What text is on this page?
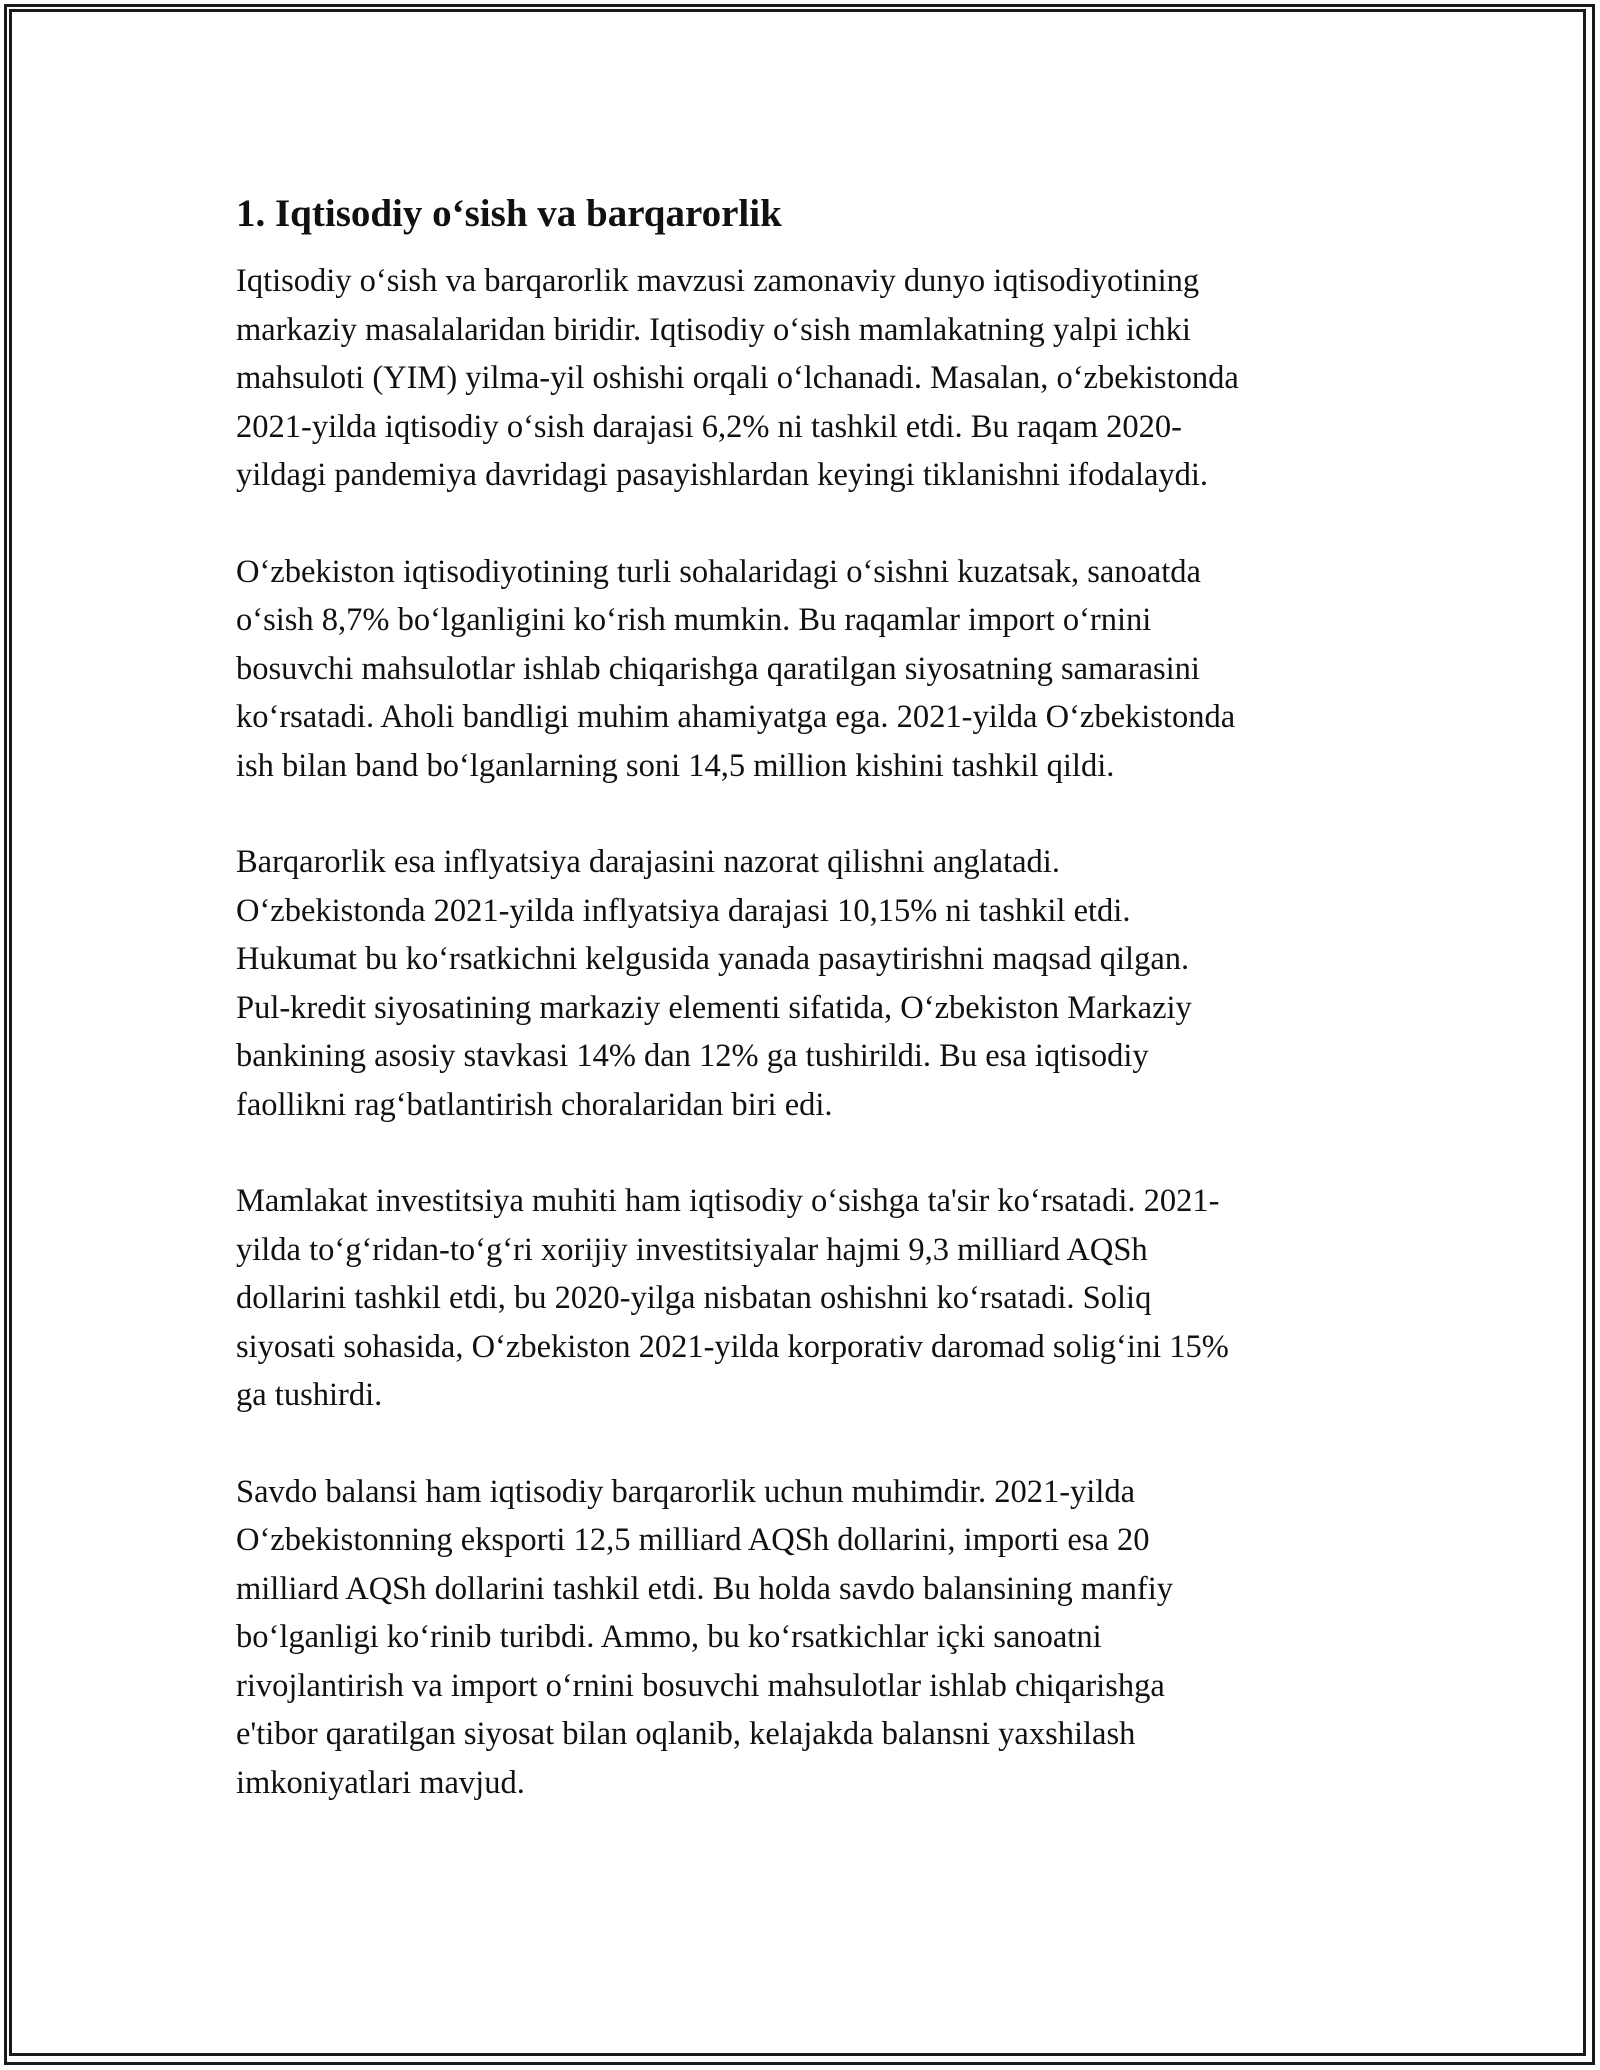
1. Iqtisodiy o‘sish va barqarorlik
Iqtisodiy o‘sish va barqarorlik mavzusi zamonaviy dunyo iqtisodiyotining
markaziy masalalaridan biridir. Iqtisodiy o‘sish mamlakatning yalpi ichki
mahsuloti (YIM) yilma-yil oshishi orqali o‘lchanadi. Masalan, o‘zbekistonda
2021-yilda iqtisodiy o‘sish darajasi 6,2% ni tashkil etdi. Bu raqam 2020-
yildagi pandemiya davridagi pasayishlardan keyingi tiklanishni ifodalaydi.
O‘zbekiston iqtisodiyotining turli sohalaridagi o‘sishni kuzatsak, sanoatda
o‘sish 8,7% bo‘lganligini ko‘rish mumkin. Bu raqamlar import o‘rnini
bosuvchi mahsulotlar ishlab chiqarishga qaratilgan siyosatning samarasini
ko‘rsatadi. Aholi bandligi muhim ahamiyatga ega. 2021-yilda O‘zbekistonda
ish bilan band bo‘lganlarning soni 14,5 million kishini tashkil qildi.
Barqarorlik esa inflyatsiya darajasini nazorat qilishni anglatadi.
O‘zbekistonda 2021-yilda inflyatsiya darajasi 10,15% ni tashkil etdi.
Hukumat bu ko‘rsatkichni kelgusida yanada pasaytirishni maqsad qilgan.
Pul-kredit siyosatining markaziy elementi sifatida, O‘zbekiston Markaziy
bankining asosiy stavkasi 14% dan 12% ga tushirildi. Bu esa iqtisodiy
faollikni rag‘batlantirish choralaridan biri edi.
Mamlakat investitsiya muhiti ham iqtisodiy o‘sishga ta'sir ko‘rsatadi. 2021-
yilda to‘g‘ridan-to‘g‘ri xorijiy investitsiyalar hajmi 9,3 milliard AQSh
dollarini tashkil etdi, bu 2020-yilga nisbatan oshishni ko‘rsatadi. Soliq
siyosati sohasida, O‘zbekiston 2021-yilda korporativ daromad solig‘ini 15%
ga tushirdi.
Savdo balansi ham iqtisodiy barqarorlik uchun muhimdir. 2021-yilda
O‘zbekistonning eksporti 12,5 milliard AQSh dollarini, importi esa 20
milliard AQSh dollarini tashkil etdi. Bu holda savdo balansining manfiy
bo‘lganligi ko‘rinib turibdi. Ammo, bu ko‘rsatkichlar içki sanoatni
rivojlantirish va import o‘rnini bosuvchi mahsulotlar ishlab chiqarishga
e'tibor qaratilgan siyosat bilan oqlanib, kelajakda balansni yaxshilash
imkoniyatlari mavjud.
